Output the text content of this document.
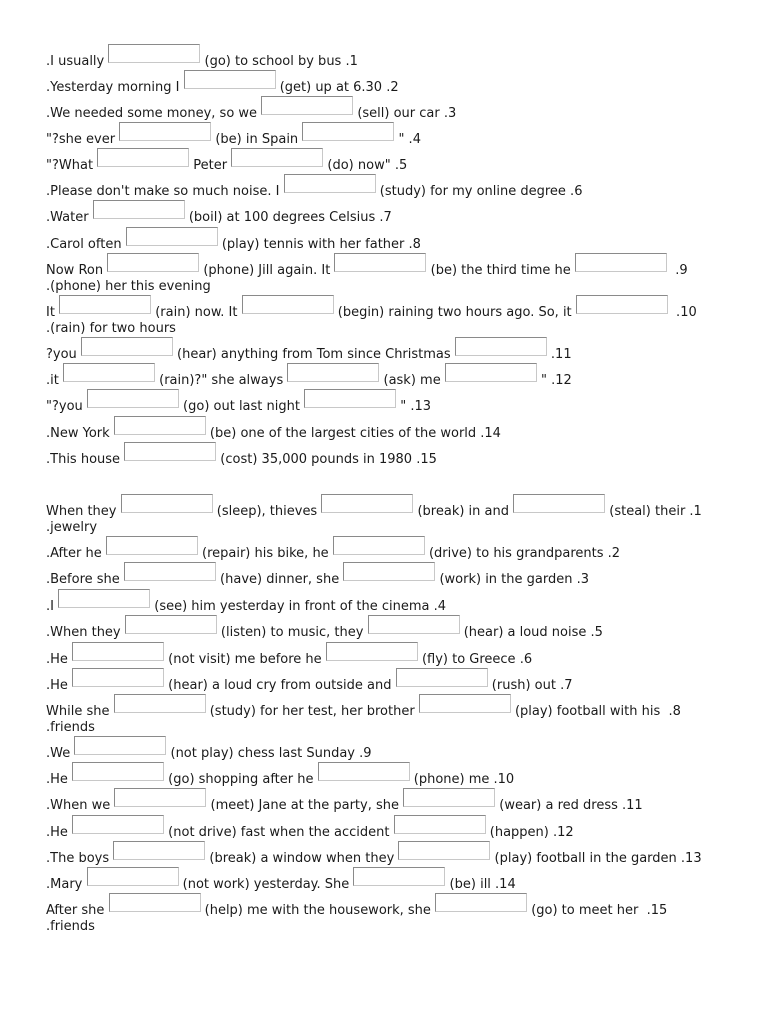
.I usually	(go) to school by bus .1
.Yesterday morning I	(get) up at 6.30 .2
.We needed some money, so we	(sell) our car .3
"?she ever	(be) in Spain	" .4
"?What	Peter	(do) now" .5
.Please don't make so much noise. I	(study) for my online degree .6
.Water	(boil) at 100 degrees Celsius .7
.Carol often	(play) tennis with her father .8
Now Ron	(phone) Jill again. It	(be) the third time he	.9
.(phone) her this evening
It	(rain) now. It	(begin) raining two hours ago. So, it	.10
.(rain) for two hours
?you	(hear) anything from Tom since Christmas	.11
.it	(rain)?" she always	(ask) me	" .12
"?you	(go) out last night	" .13
.New York	(be) one of the largest cities of the world .14
.This house	(cost) 35,000 pounds in 1980 .15
When they	(sleep), thieves	(break) in and	(steal) their .1
.jewelry
.After he	(repair) his bike, he	(drive) to his grandparents .2
.Before she	(have) dinner, she	(work) in the garden .3
.I	(see) him yesterday in front of the cinema .4
.When they	(listen) to music, they	(hear) a loud noise .5
.He	(not visit) me before he	(fly) to Greece .6
.He	(hear) a loud cry from outside and	(rush) out .7
While she	(study) for her test, her brother	(play) football with his  .8
.friends
.We	(not play) chess last Sunday .9
.He	(go) shopping after he	(phone) me .10
.When we	(meet) Jane at the party, she	(wear) a red dress .11
.He	(not drive) fast when the accident	(happen) .12
.The boys	(break) a window when they	(play) football in the garden .13
.Mary	(not work) yesterday. She	(be) ill .14
After she	(help) me with the housework, she	(go) to meet her  .15
.friends
